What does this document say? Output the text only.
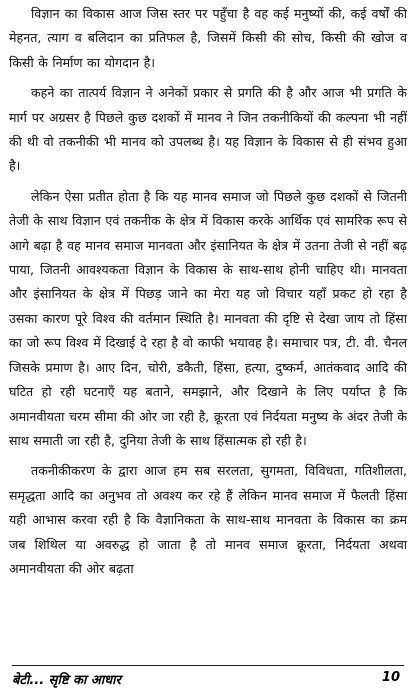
विज्ञान का विकास आज जिस स्तर पर पहुँचा है वह कई मनुष्यों की, कई वर्षों की मेहनत, त्याग व बलिदान का प्रतिफल है, जिसमें किसी की सोच, किसी की खोज व किसी के निर्माण का योगदान है।

कहने का तात्पर्य विज्ञान ने अनेकों प्रकार से प्रगति की है और आज भी प्रगति के मार्ग पर अग्रसर है पिछले कुछ दशकों में मानव ने जिन तकनीकियों की कल्पना भी नहीं की थी वो तकनीकी भी मानव को उपलब्ध है। यह विज्ञान के विकास से ही संभव हुआ है।

लेकिन ऐसा प्रतीत होता है कि यह मानव समाज जो पिछले कुछ दशकों से जितनी तेजी के साथ विज्ञान एवं तकनीक के क्षेत्र में विकास करके आर्थिक एवं सामरिक रूप से आगे बढ़ा है वह मानव समाज मानवता और इंसानियत के क्षेत्र में उतना तेजी से नहीं बढ़ पाया, जितनी आवश्यकता विज्ञान के विकास के साथ-साथ होनी चाहिए थी। मानवता और इंसानियत के क्षेत्र में पिछड़ जाने का मेरा यह जो विचार यहाँ प्रकट हो रहा है उसका कारण पूरे विश्व की वर्तमान स्थिति है। मानवता की दृष्टि से देखा जाय तो हिंसा का जो रूप विश्व में दिखाई दे रहा है वो काफी भयावह है। समाचार पत्र, टी. वी. चैनल जिसके प्रमाण है। आए दिन, चोरी, डकैती, हिंसा, हत्या, दुष्कर्म, आतंकवाद आदि की घटित हो रही घटनाएँ यह बताने, समझाने, और दिखाने के लिए पर्याप्त है कि अमानवीयता चरम सीमा की ओर जा रही है, क्रूरता एवं निर्दयता मनुष्य के अंदर तेजी के साथ समाती जा रही है, दुनिया तेजी के साथ हिंसात्मक हो रही है।

तकनीकीकरण के द्वारा आज हम सब सरलता, सुगमता, विविधता, गतिशीलता, समृद्धता आदि का अनुभव तो अवश्य कर रहे हैं लेकिन मानव समाज में फैलती हिंसा यही आभास करवा रही है कि वैज्ञानिकता के साथ-साथ मानवता के विकास का क्रम जब शिथिल या अवरुद्ध हो जाता है तो मानव समाज क्रूरता, निर्दयता अथवा अमानवीयता की ओर बढ़ता

बेटी... सृष्टि का आधार	10
